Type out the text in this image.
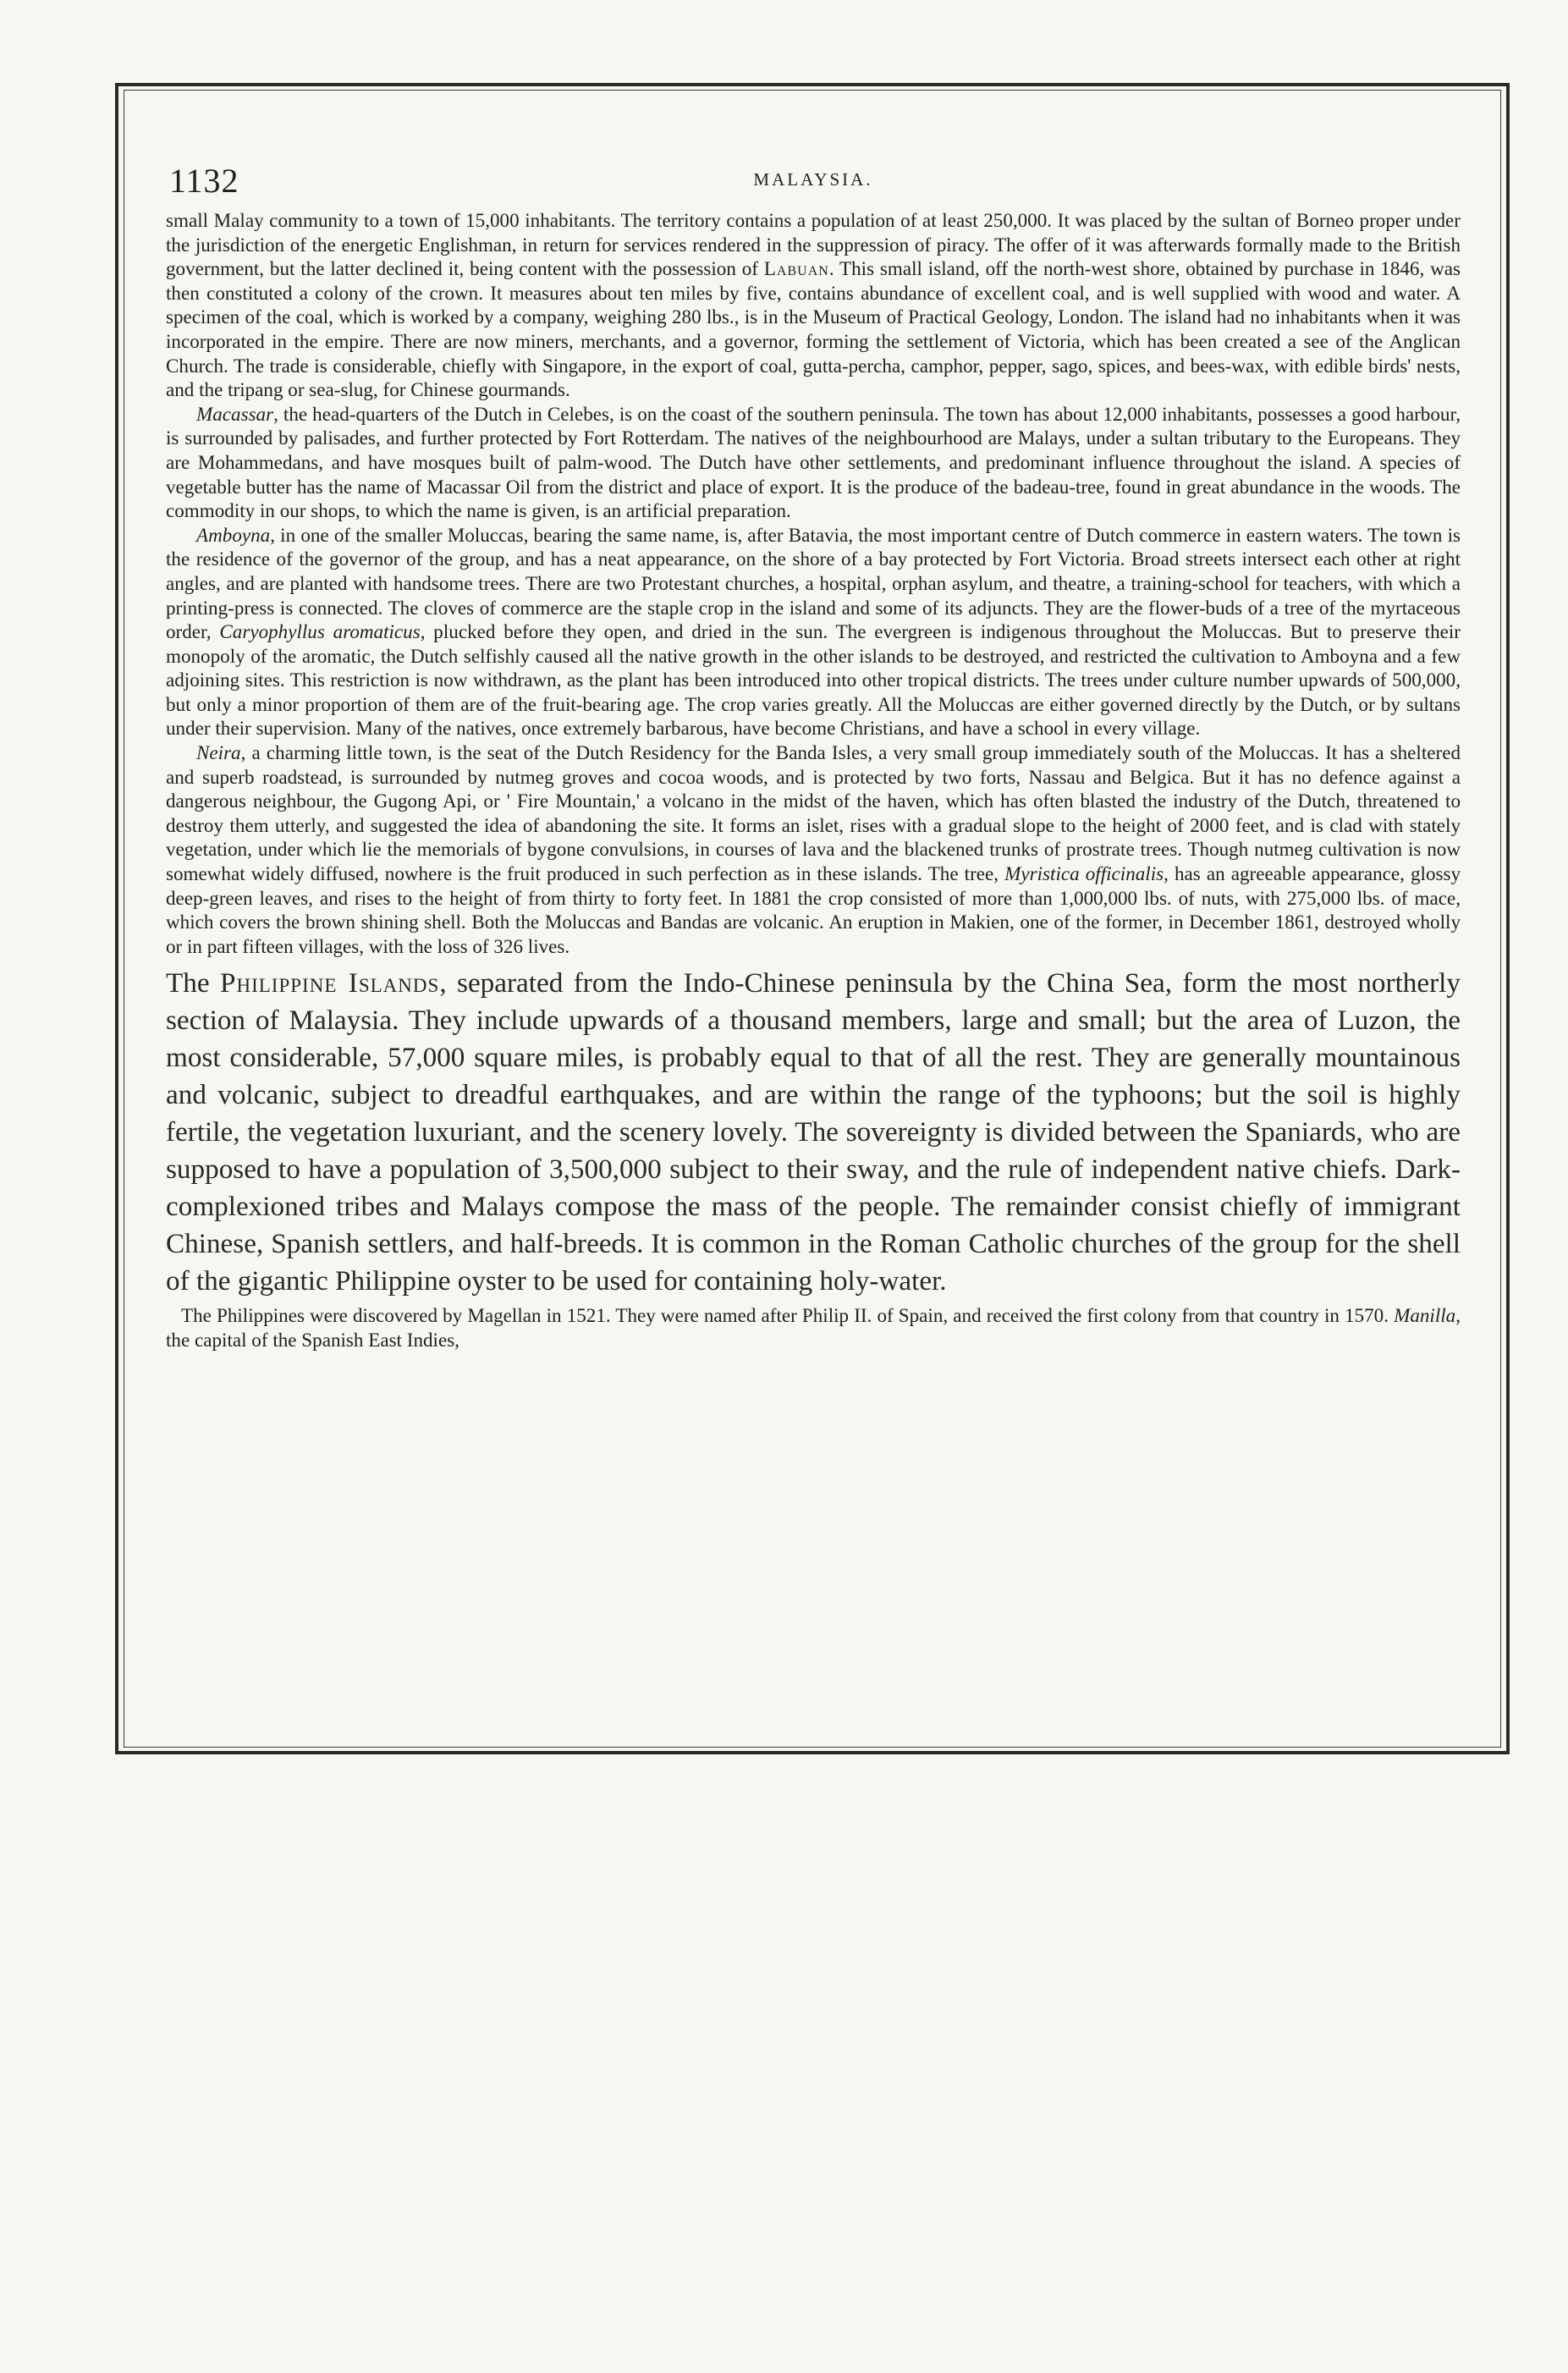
1132	MALAYSIA.

small Malay community to a town of 15,000 inhabitants. The territory contains a population of at least 250,000. It was placed by the sultan of Borneo proper under the jurisdiction of the energetic Englishman, in return for services rendered in the suppression of piracy. The offer of it was afterwards formally made to the British government, but the latter declined it, being content with the possession of Labuan. This small island, off the north-west shore, obtained by purchase in 1846, was then constituted a colony of the crown. It measures about ten miles by five, contains abundance of excellent coal, and is well supplied with wood and water. A specimen of the coal, which is worked by a company, weighing 280 lbs., is in the Museum of Practical Geology, London. The island had no inhabitants when it was incorporated in the empire. There are now miners, merchants, and a governor, forming the settlement of Victoria, which has been created a see of the Anglican Church. The trade is considerable, chiefly with Singapore, in the export of coal, gutta-percha, camphor, pepper, sago, spices, and bees-wax, with edible birds' nests, and the tripang or sea-slug, for Chinese gourmands.

Macassar, the head-quarters of the Dutch in Celebes, is on the coast of the southern peninsula. The town has about 12,000 inhabitants, possesses a good harbour, is surrounded by palisades, and further protected by Fort Rotterdam. The natives of the neighbourhood are Malays, under a sultan tributary to the Europeans. They are Mohammedans, and have mosques built of palm-wood. The Dutch have other settlements, and predominant influence throughout the island. A species of vegetable butter has the name of Macassar Oil from the district and place of export. It is the produce of the badeau-tree, found in great abundance in the woods. The commodity in our shops, to which the name is given, is an artificial preparation.

Amboyna, in one of the smaller Moluccas, bearing the same name, is, after Batavia, the most important centre of Dutch commerce in eastern waters. The town is the residence of the governor of the group, and has a neat appearance, on the shore of a bay protected by Fort Victoria. Broad streets intersect each other at right angles, and are planted with handsome trees. There are two Protestant churches, a hospital, orphan asylum, and theatre, a training-school for teachers, with which a printing-press is connected. The cloves of commerce are the staple crop in the island and some of its adjuncts. They are the flower-buds of a tree of the myrtaceous order, Caryophyllus aromaticus, plucked before they open, and dried in the sun. The evergreen is indigenous throughout the Moluccas. But to preserve their monopoly of the aromatic, the Dutch selfishly caused all the native growth in the other islands to be destroyed, and restricted the cultivation to Amboyna and a few adjoining sites. This restriction is now withdrawn, as the plant has been introduced into other tropical districts. The trees under culture number upwards of 500,000, but only a minor proportion of them are of the fruit-bearing age. The crop varies greatly. All the Moluccas are either governed directly by the Dutch, or by sultans under their supervision. Many of the natives, once extremely barbarous, have become Christians, and have a school in every village.

Neira, a charming little town, is the seat of the Dutch Residency for the Banda Isles, a very small group immediately south of the Moluccas. It has a sheltered and superb roadstead, is surrounded by nutmeg groves and cocoa woods, and is protected by two forts, Nassau and Belgica. But it has no defence against a dangerous neighbour, the Gugong Api, or ' Fire Mountain,' a volcano in the midst of the haven, which has often blasted the industry of the Dutch, threatened to destroy them utterly, and suggested the idea of abandoning the site. It forms an islet, rises with a gradual slope to the height of 2000 feet, and is clad with stately vegetation, under which lie the memorials of bygone convulsions, in courses of lava and the blackened trunks of prostrate trees. Though nutmeg cultivation is now somewhat widely diffused, nowhere is the fruit produced in such perfection as in these islands. The tree, Myristica officinalis, has an agreeable appearance, glossy deep-green leaves, and rises to the height of from thirty to forty feet. In 1881 the crop consisted of more than 1,000,000 lbs. of nuts, with 275,000 lbs. of mace, which covers the brown shining shell. Both the Moluccas and Bandas are volcanic. An eruption in Makien, one of the former, in December 1861, destroyed wholly or in part fifteen villages, with the loss of 326 lives.

The Philippine Islands, separated from the Indo-Chinese peninsula by the China Sea, form the most northerly section of Malaysia. They include upwards of a thousand members, large and small; but the area of Luzon, the most considerable, 57,000 square miles, is probably equal to that of all the rest. They are generally mountainous and volcanic, subject to dreadful earthquakes, and are within the range of the typhoons; but the soil is highly fertile, the vegetation luxuriant, and the scenery lovely. The sovereignty is divided between the Spaniards, who are supposed to have a population of 3,500,000 subject to their sway, and the rule of independent native chiefs. Dark-complexioned tribes and Malays compose the mass of the people. The remainder consist chiefly of immigrant Chinese, Spanish settlers, and half-breeds. It is common in the Roman Catholic churches of the group for the shell of the gigantic Philippine oyster to be used for containing holy-water.

The Philippines were discovered by Magellan in 1521. They were named after Philip II. of Spain, and received the first colony from that country in 1570. Manilla, the capital of the Spanish East Indies,
